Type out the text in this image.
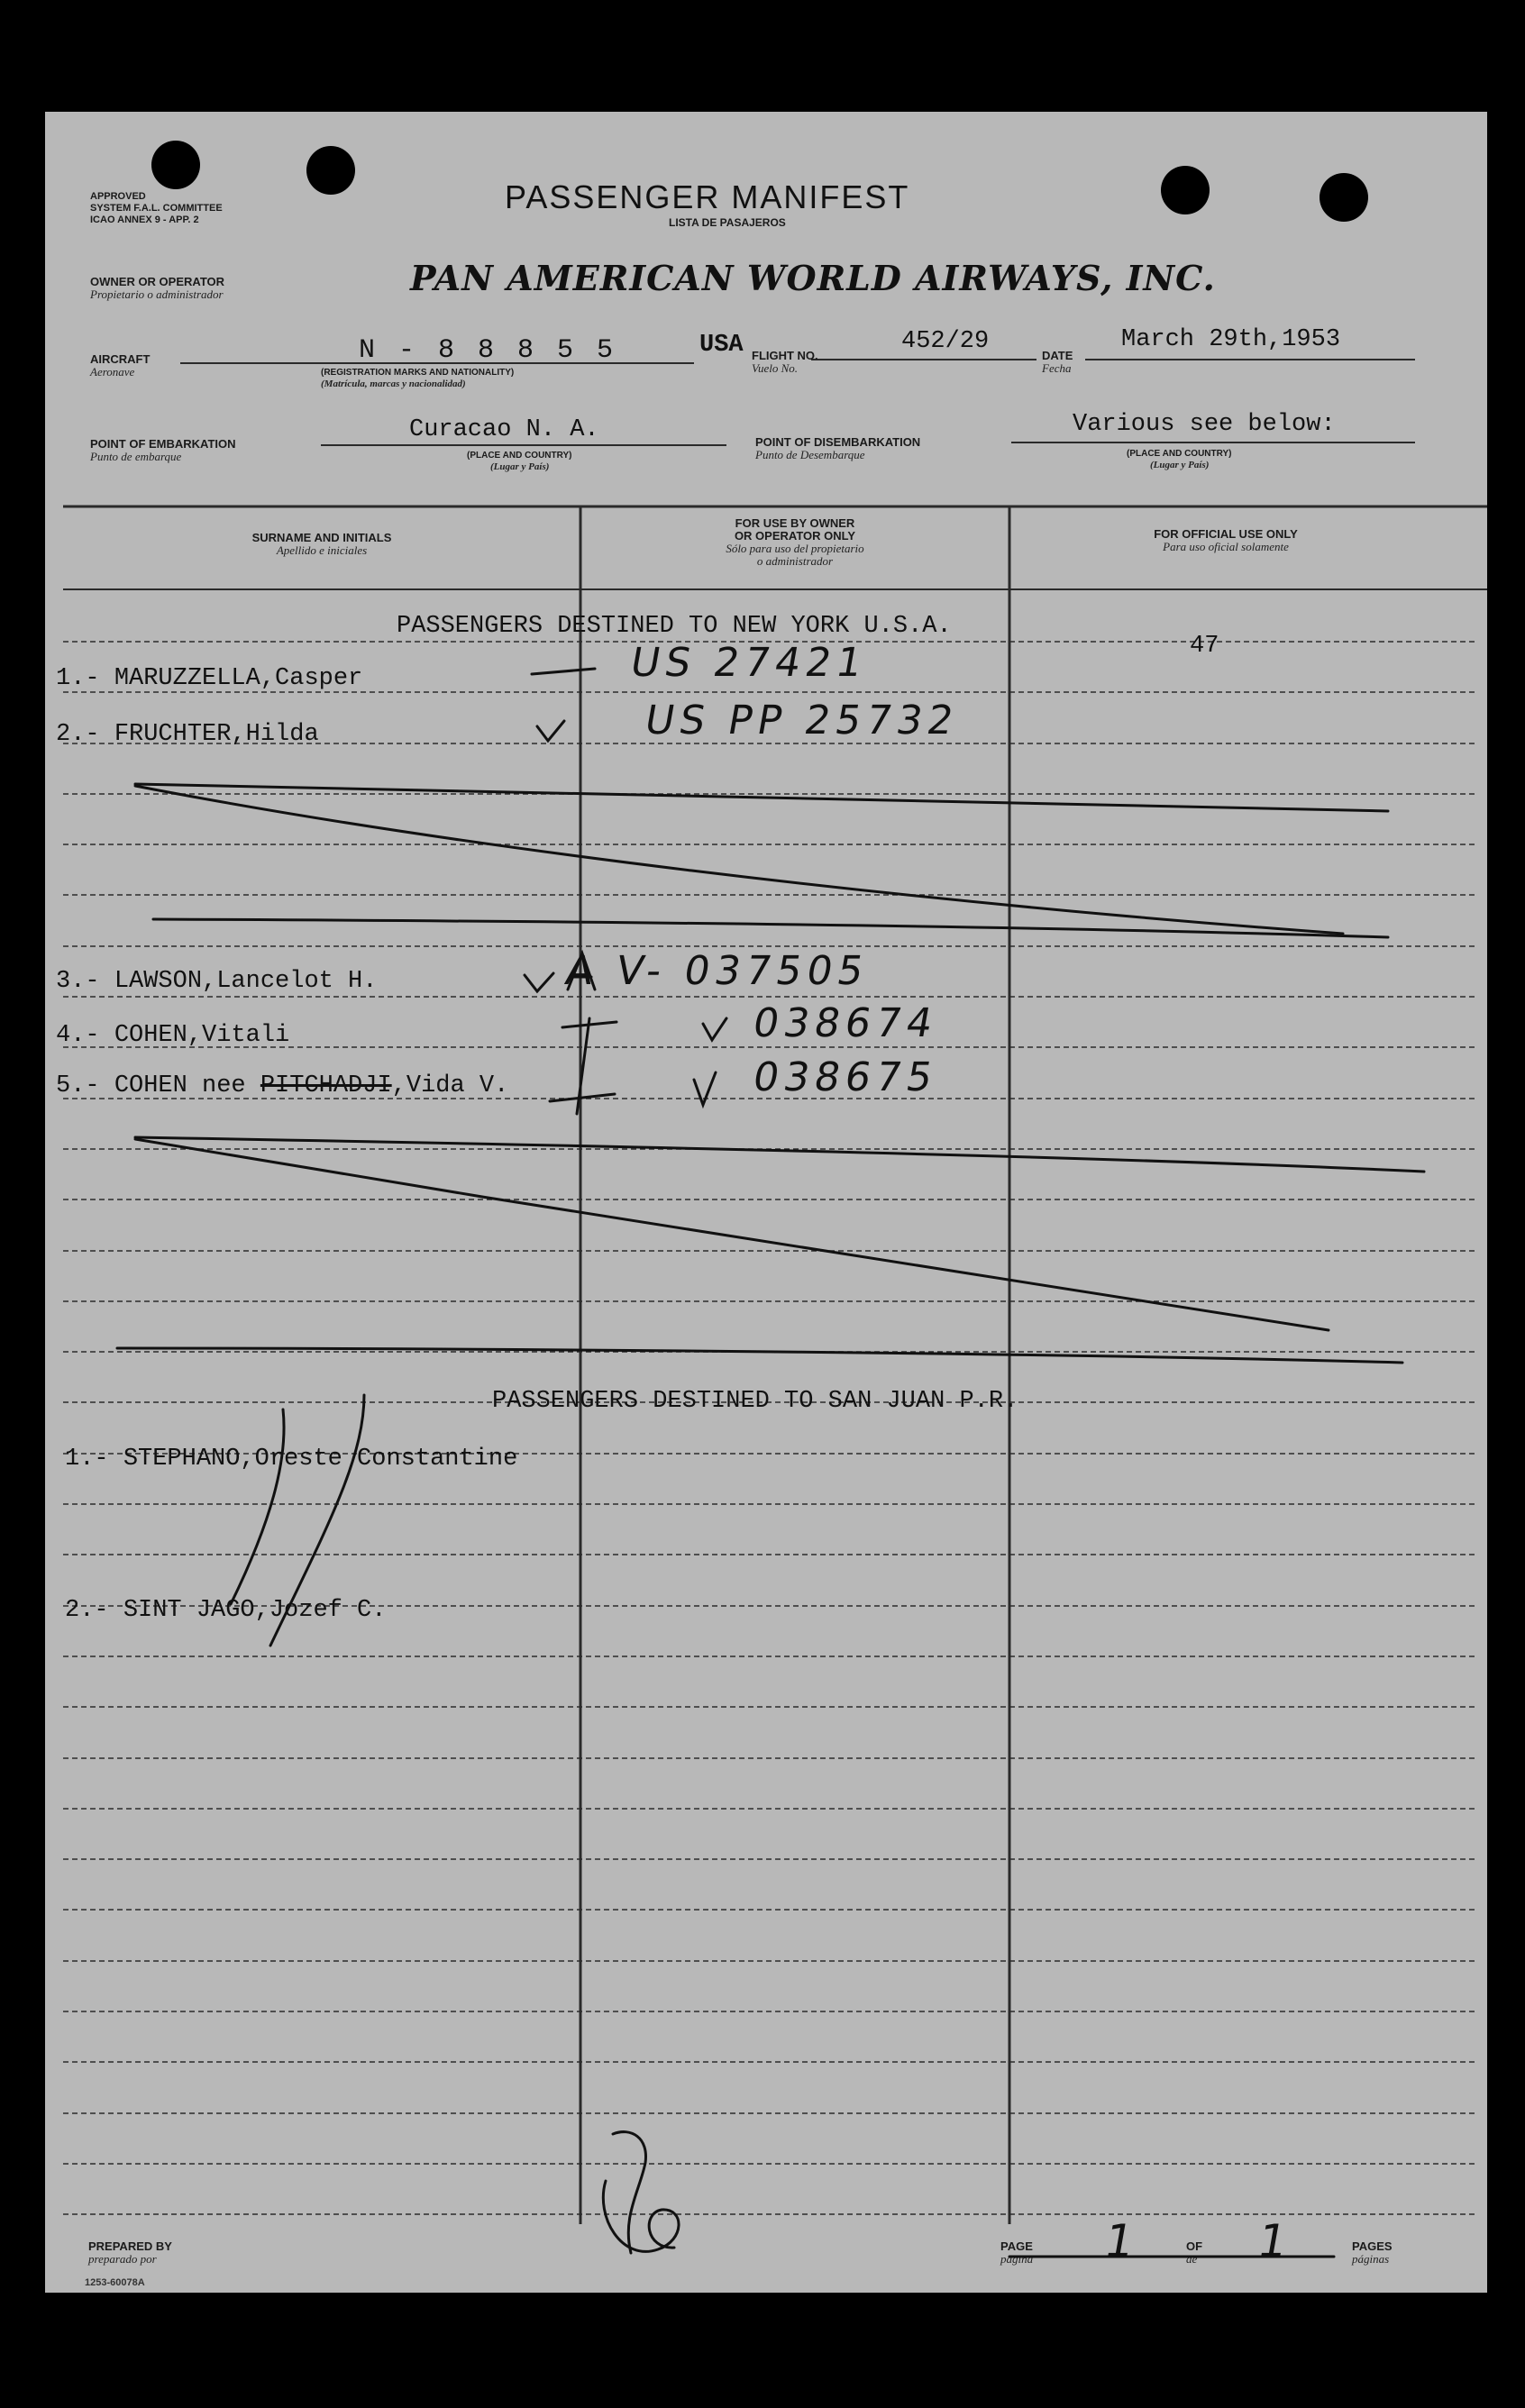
APPROVED
SYSTEM F.A.L. COMMITTEE
ICAO ANNEX 9 - APP. 2
PASSENGER MANIFEST
LISTA DE PASAJEROS
OWNER OR OPERATOR
Propietario o administrador	PAN AMERICAN WORLD AIRWAYS, INC.
AIRCRAFT
Aeronave
N - 8 8 8 5 5
(REGISTRATION MARKS AND NATIONALITY)
(Matrícula, marcas y nacionalidad)
USA FLIGHT NO.
Vuelo No.
452/29
DATE
Fecha
March 29th,1953
POINT OF EMBARKATION
Punto de embarque
Curacao N. A.
(PLACE AND COUNTRY)
(Lugar y País)
POINT OF DISEMBARKATION
Punto de Desembarque
Various see below:
(PLACE AND COUNTRY)
(Lugar y País)
SURNAME AND INITIALS
Apellido e iniciales
FOR USE BY OWNER
OR OPERATOR ONLY
Sólo para uso del propietario
o administrador
FOR OFFICIAL USE ONLY
Para uso oficial solamente
PASSENGERS DESTINED TO NEW YORK U.S.A.
47
1.- MARUZZELLA,Casper	US 27421
2.- FRUCHTER,Hilda	US PP 25732
3.- LAWSON,Lancelot H.	A V- 037505
4.- COHEN,Vitali	038674
5.- COHEN nee PITCHADJI,Vida V.	038675
PASSENGERS DESTINED TO SAN JUAN P.R.
1.- STEPHANO,Oreste Constantine
2.- SINT JAGO,Jozef C.
PREPARED BY
preparado por
1253-60078A
PAGE
página 1	OF
de 1	PAGES
páginas
